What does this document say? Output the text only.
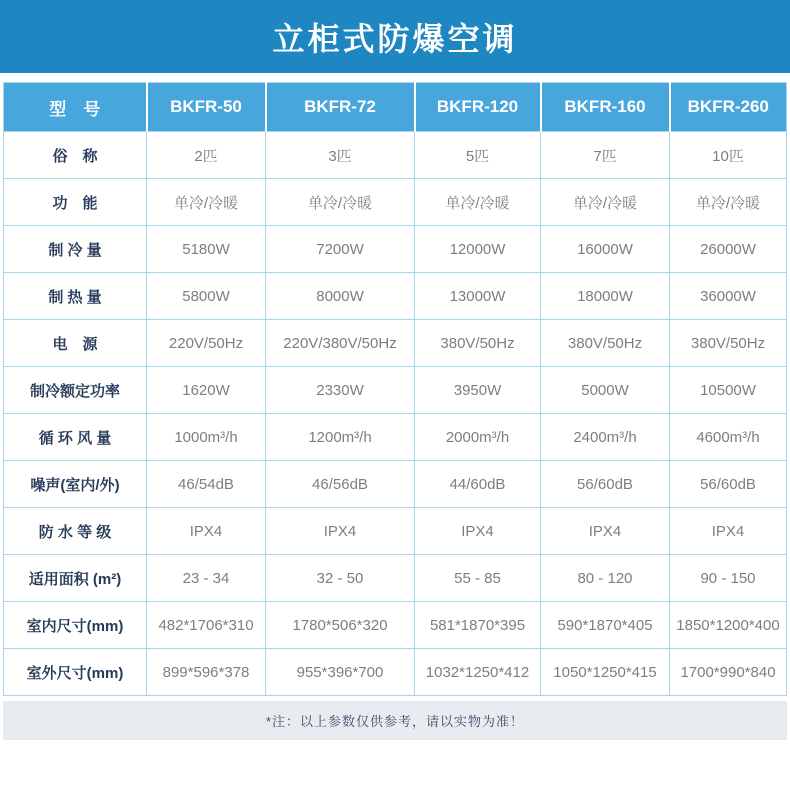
立柜式防爆空调
型　号	BKFR-50	BKFR-72	BKFR-120	BKFR-160	BKFR-260
俗　称	2匹	3匹	5匹	7匹	10匹
功　能	单冷/冷暖	单冷/冷暖	单冷/冷暖	单冷/冷暖	单冷/冷暖
制 冷 量	5180W	7200W	12000W	16000W	26000W
制 热 量	5800W	8000W	13000W	18000W	36000W
电　源	220V/50Hz	220V/380V/50Hz	380V/50Hz	380V/50Hz	380V/50Hz
制冷额定功率	1620W	2330W	3950W	5000W	10500W
循 环 风 量	1000m³/h	1200m³/h	2000m³/h	2400m³/h	4600m³/h
噪声(室内/外)	46/54dB	46/56dB	44/60dB	56/60dB	56/60dB
防 水 等 级	IPX4	IPX4	IPX4	IPX4	IPX4
适用面积 (m²)	23 - 34	32 - 50	55 - 85	80 - 120	90 - 150
室内尺寸(mm)	482*1706*310	1780*506*320	581*1870*395	590*1870*405	1850*1200*400
室外尺寸(mm)	899*596*378	955*396*700	1032*1250*412	1050*1250*415	1700*990*840
*注：以上参数仅供参考，请以实物为准！
